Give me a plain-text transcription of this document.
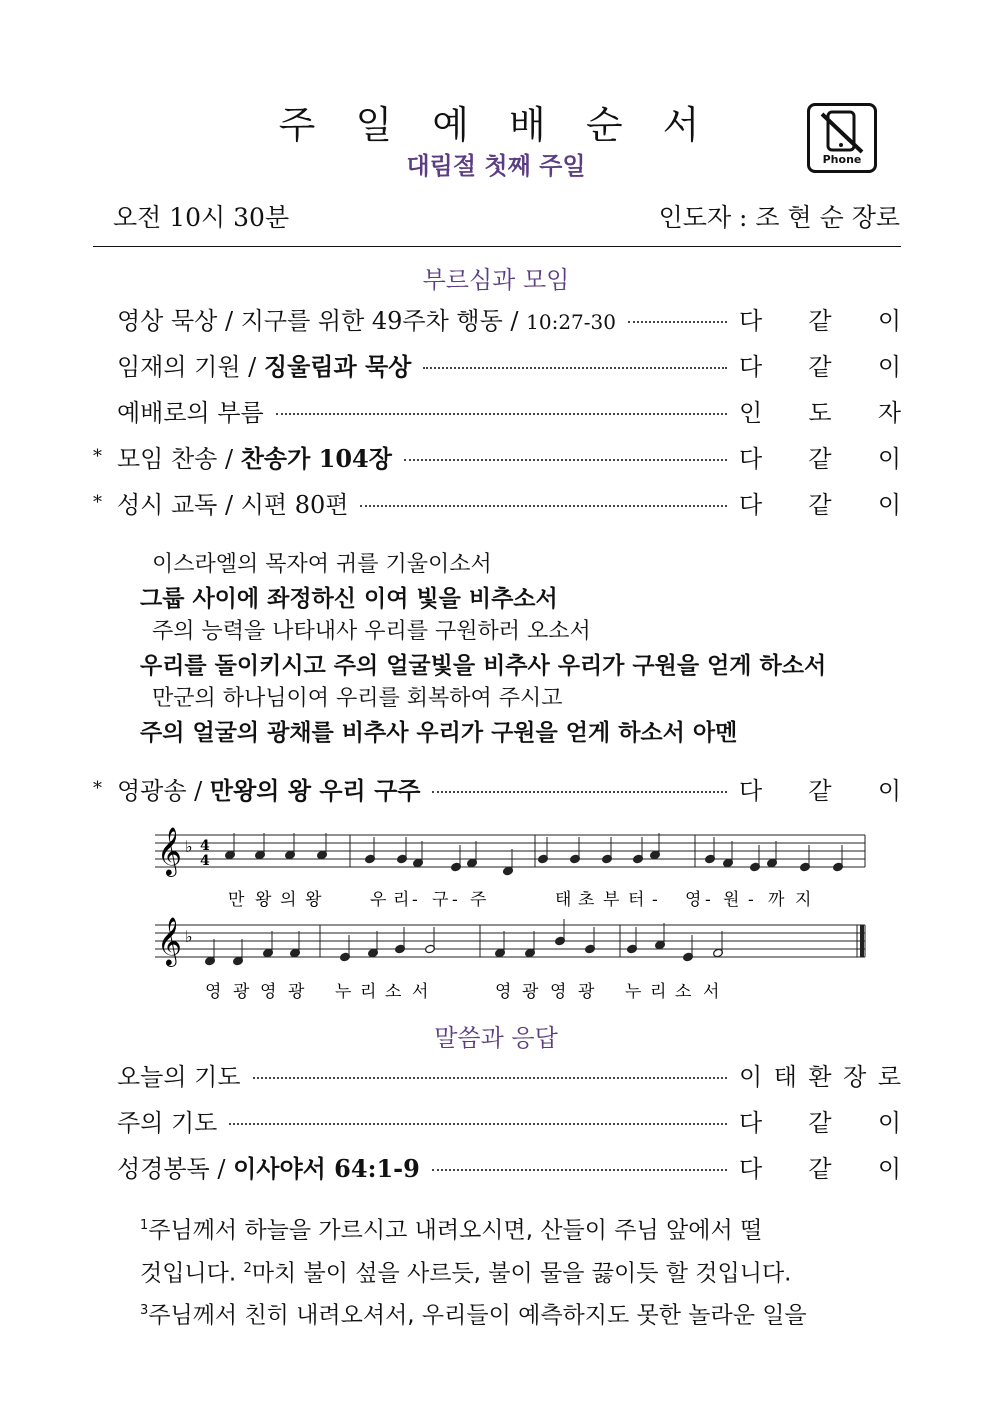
주 일 예 배 순 서
대림절 첫째 주일	Phone
오전 10시 30분	인도자 : 조 현 순 장로
부르심과 모임
영상 묵상 / 지구를 위한 49주차 행동 / 10:27-30	다 같 이
임재의 기원 / 징울림과 묵상	다 같 이
예배로의 부름	인 도 자
* 모임 찬송 / 찬송가 104장	다 같 이
* 성시 교독 / 시편 80편	다 같 이
* 영광송 / 만왕의 왕 우리 구주	다 같 이
오늘의 기도	이 태 환 장 로
주의 기도	다 같 이
성경봉독 / 이사야서 64:1-9	다 같 이
이스라엘의 목자여 귀를 기울이소서
그룹 사이에 좌정하신 이여 빛을 비추소서
주의 능력을 나타내사 우리를 구원하러 오소서
우리를 돌이키시고 주의 얼굴빛을 비추사 우리가 구원을 얻게 하소서
만군의 하나님이여 우리를 회복하여 주시고
주의 얼굴의 광채를 비추사 우리가 구원을 얻게 하소서 아멘
𝄞 ♭ 4
4
𝄞 ♭
만 왕 의 왕	우 리 - 구 - 주	태 초 부 터 - 영 - 원 - 까 지
영 광 영 광 누 리 소 서	영 광 영 광 누 리 소 서
말씀과 응답
$^1$주님께서 하늘을 가르시고 내려오시면, 산들이 주님 앞에서 떨
것입니다. $^2$마치 불이 섶을 사르듯, 불이 물을 끓이듯 할 것입니다.
$^3$주님께서 친히 내려오셔서, 우리들이 예측하지도 못한 놀라운 일을
